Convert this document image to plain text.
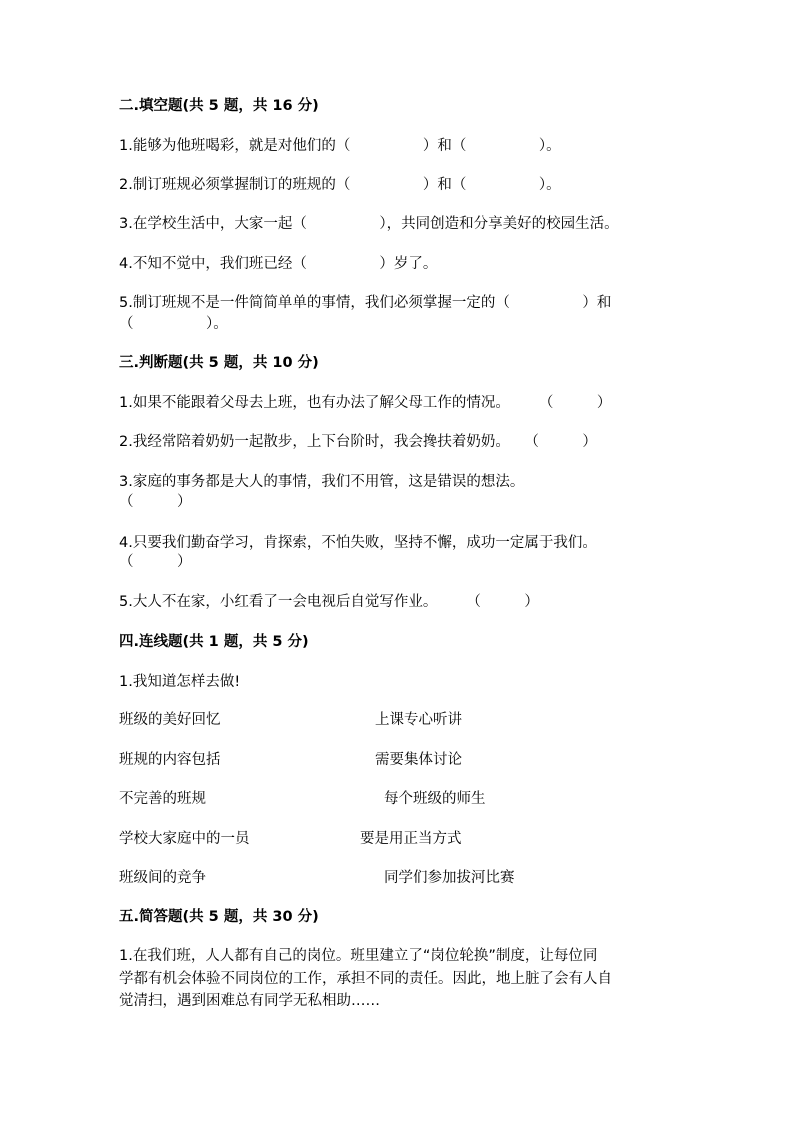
二.填空题(共 5 题，共 16 分)
1.能够为他班喝彩，就是对他们的（　　　　　）和（　　　　　）。
2.制订班规必须掌握制订的班规的（　　　　　）和（　　　　　）。
3.在学校生活中，大家一起（　　　　　），共同创造和分享美好的校园生活。
4.不知不觉中，我们班已经（　　　　　）岁了。
5.制订班规不是一件简简单单的事情，我们必须掌握一定的（　　　　　）和
（　　　　　）。
三.判断题(共 5 题，共 10 分)
1.如果不能跟着父母去上班，也有办法了解父母工作的情况。　　　（　　　）
2.我经常陪着奶奶一起散步，上下台阶时，我会搀扶着奶奶。　　（　　　）
3.家庭的事务都是大人的事情，我们不用管，这是错误的想法。
（　　　）
4.只要我们勤奋学习，肯探索，不怕失败，坚持不懈，成功一定属于我们。
（　　　）
5.大人不在家，小红看了一会电视后自觉写作业。　　　（　　　）
四.连线题(共 1 题，共 5 分)
1.我知道怎样去做!
班级的美好回忆	上课专心听讲
班规的内容包括	需要集体讨论
不完善的班规	每个班级的师生
学校大家庭中的一员	要是用正当方式
班级间的竞争	同学们参加拔河比赛
五.简答题(共 5 题，共 30 分)
1.在我们班，人人都有自己的岗位。班里建立了“岗位轮换”制度，让每位同
学都有机会体验不同岗位的工作，承担不同的责任。因此，地上脏了会有人自
觉清扫，遇到困难总有同学无私相助……
